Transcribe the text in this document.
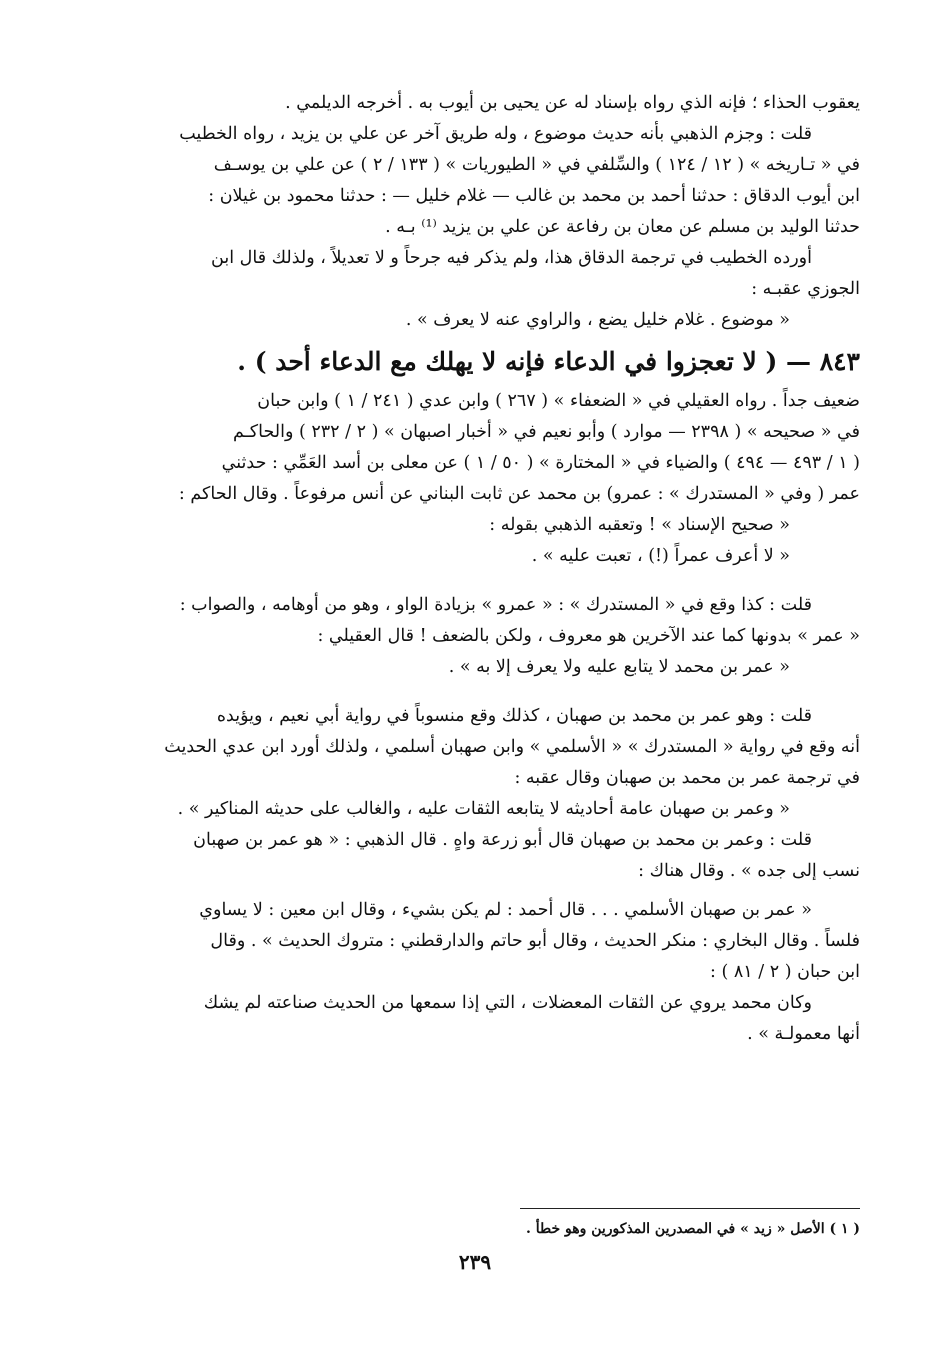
يعقوب الحذاء ؛ فإنه الذي رواه بإسناد له عن يحيى بن أيوب به . أخرجه الديلمي .
قلت : وجزم الذهبي بأنه حديث موضوع ، وله طريق آخر عن علي بن يزيد ، رواه الخطيب
في « تـاريخه » ( ١٢ / ١٢٤ ) والسِّلفي في « الطيوريات » ( ١٣٣ / ٢ ) عن علي بن يوسـف
ابن أيوب الدقاق : حدثنا أحمد بن محمد بن غالب — غلام خليل — : حدثنا محمود بن غيلان :
حدثنا الوليد بن مسلم عن معان بن رفاعة عن علي بن يزيد ⁽¹⁾ بـه .
أورده الخطيب في ترجمة الدقاق هذا، ولم يذكر فيه جرحاً و لا تعديلاً ، ولذلك قال ابن
الجوزي عقبـه :
« موضوع . غلام خليل يضع ، والراوي عنه لا يعرف » .
٨٤٣ — ( لا تعجزوا في الدعاء فإنه لا يهلك مع الدعاء أحد ) .
ضعيف جداً . رواه العقيلي في « الضعفاء » ( ٢٦٧ ) وابن عدي ( ٢٤١ / ١ ) وابن حبان
في « صحيحه » ( ٢٣٩٨ — موارد ) وأبو نعيم في « أخبار اصبهان » ( ٢ / ٢٣٢ ) والحاكـم
( ١ / ٤٩٣ — ٤٩٤ ) والضياء في « المختارة » ( ٥٠ / ١ ) عن معلى بن أسد العَمِّي : حدثني
عمر ( وفي « المستدرك » : عمرو) بن محمد عن ثابت البناني عن أنس مرفوعاً . وقال الحاكم :
« صحيح الإسناد » ! وتعقبه الذهبي بقوله :
« لا أعرف عمراً (!) ، تعبت عليه » .
قلت : كذا وقع في « المستدرك » : « عمرو » بزيادة الواو ، وهو من أوهامه ، والصواب :
« عمر » بدونها كما عند الآخرين هو معروف ، ولكن بالضعف ! قال العقيلي :
« عمر بن محمد لا يتابع عليه ولا يعرف إلا به » .
قلت : وهو عمر بن محمد بن صهبان ، كذلك وقع منسوباً في رواية أبي نعيم ، ويؤيده
أنه وقع في رواية « المستدرك » « الأسلمي » وابن صهبان أسلمي ، ولذلك أورد ابن عدي الحديث
في ترجمة عمر بن محمد بن صهبان وقال عقبه :
« وعمر بن صهبان عامة أحاديثه لا يتابعه الثقات عليه ، والغالب على حديثه المناكير » .
قلت : وعمر بن محمد بن صهبان قال أبو زرعة واهٍ . قال الذهبي : « هو عمر بن صهبان
نسب إلى جده » . وقال هناك :
« عمر بن صهبان الأسلمي . . . قال أحمد : لم يكن بشيء ، وقال ابن معين : لا يساوي
فلساً . وقال البخاري : منكر الحديث ، وقال أبو حاتم والدارقطني : متروك الحديث » . وقال
ابن حبان ( ٢ / ٨١ ) :
وكان محمد يروي عن الثقات المعضلات ، التي إذا سمعها من الحديث صناعته لم يشك
أنها معمولـة » .
( ١ ) الأصل « زيد » في المصدرين المذكورين وهو خطأ .
٢٣٩
